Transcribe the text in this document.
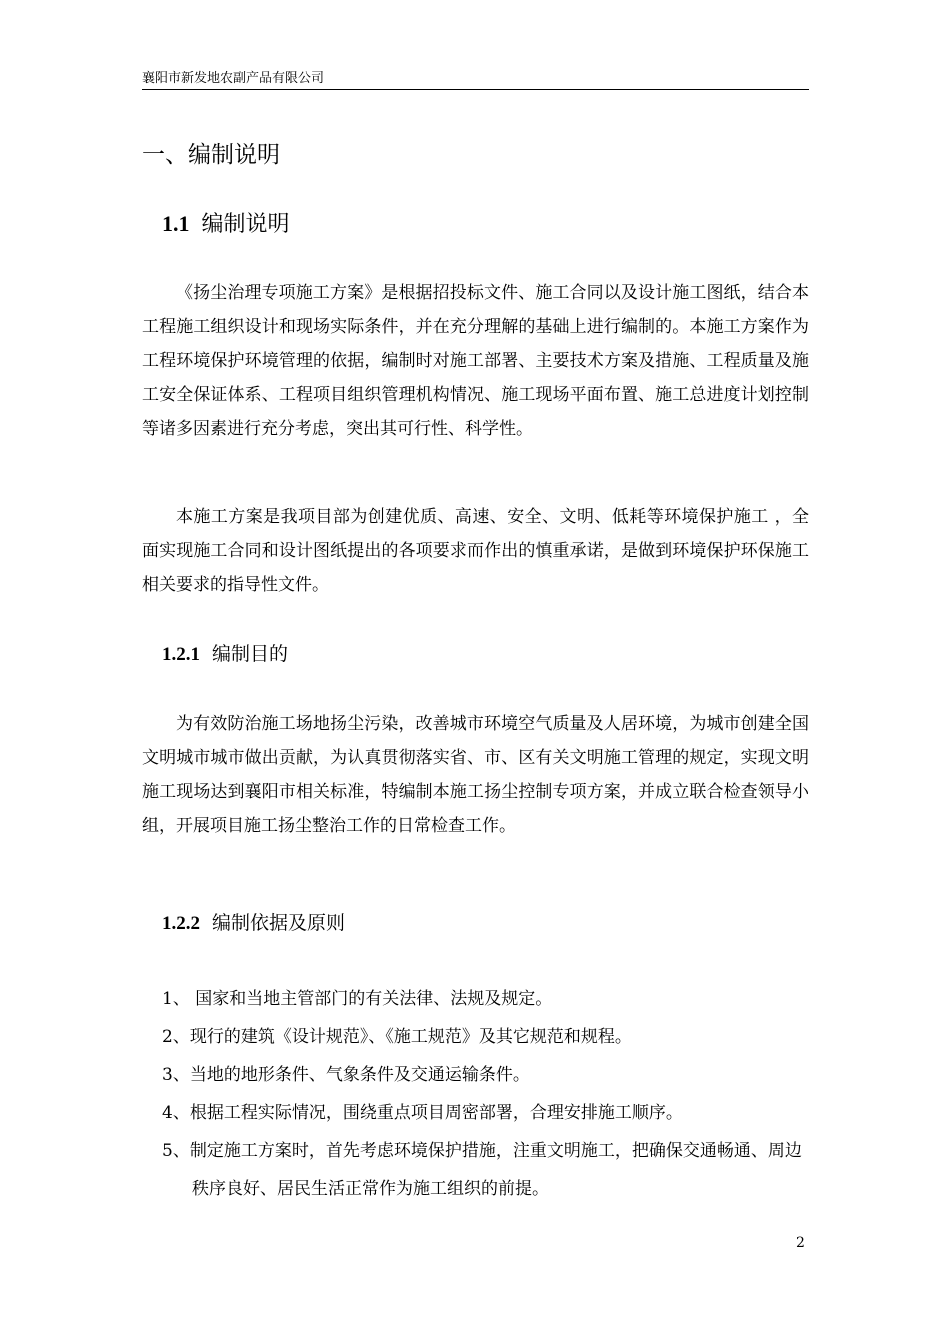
襄阳市新发地农副产品有限公司
一、编制说明
1.1 编制说明

《扬尘治理专项施工方案》是根据招投标文件、施工合同以及设计施工图纸，结合本工程施工组织设计和现场实际条件，并在充分理解的基础上进行编制的。本施工方案作为工程环境保护环境管理的依据，编制时对施工部署、主要技术方案及措施、工程质量及施工安全保证体系、工程项目组织管理机构情况、施工现场平面布置、施工总进度计划控制等诸多因素进行充分考虑，突出其可行性、科学性。

本施工方案是我项目部为创建优质、高速、安全、文明、低耗等环境保护施工 ，全面实现施工合同和设计图纸提出的各项要求而作出的慎重承诺，是做到环境保护环保施工相关要求的指导性文件。

1.2.1 编制目的

为有效防治施工场地扬尘污染，改善城市环境空气质量及人居环境，为城市创建全国文明城市城市做出贡献，为认真贯彻落实省、市、区有关文明施工管理的规定，实现文明施工现场达到襄阳市相关标准，特编制本施工扬尘控制专项方案，并成立联合检查领导小组，开展项目施工扬尘整治工作的日常检查工作。

1.2.2 编制依据及原则
1、 国家和当地主管部门的有关法律、法规及规定。
2、现行的建筑《设计规范》、《施工规范》及其它规范和规程。
3、当地的地形条件、气象条件及交通运输条件。
4、根据工程实际情况，围绕重点项目周密部署，合理安排施工顺序。
5、制定施工方案时，首先考虑环境保护措施，注重文明施工，把确保交通畅通、周边秩序良好、居民生活正常作为施工组织的前提。
2
